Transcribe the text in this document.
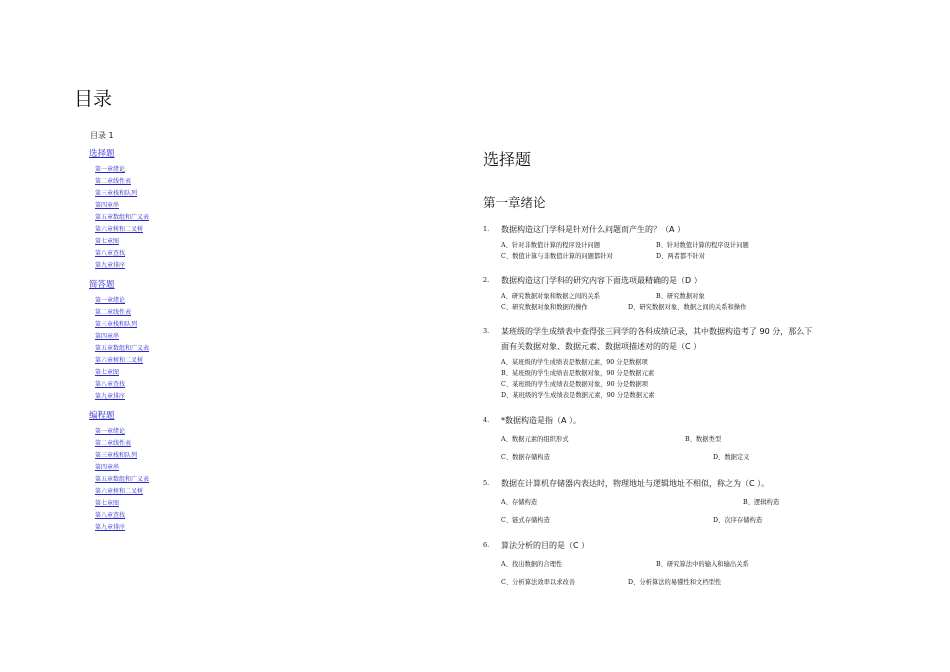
目录
目录 1
选择题
第一章绪论
第二章线性表
第三章栈和队列
第四章串
第五章数组和广义表
第六章树和二叉树
第七章图
第八章查找
第九章排序
简答题
第一章绪论
第二章线性表
第三章栈和队列
第四章串
第五章数组和广义表
第六章树和二叉树
第七章图
第八章查找
第九章排序
编程题
第一章绪论
第二章线性表
第三章栈和队列
第四章串
第五章数组和广义表
第六章树和二叉树
第七章图
第八章查找
第九章排序
选择题
第一章绪论
1. 数据构造这门学科是针对什么问题而产生的？（A ）
A、针对非数值计算的程序设计问题	B、针对数值计算的程序设计问题
C、数值计算与非数值计算的问题都针对	D、两者都不针对
2. 数据构造这门学科的研究内容下面选项最精确的是（D ）
A、研究数据对象和数据之间的关系	B、研究数据对象
C、研究数据对象和数据的操作	D、研究数据对象、数据之间的关系和操作
3. 某班级的学生成绩表中查得张三同学的各科成绩记录，其中数据构造考了 90 分，那么下
面有关数据对象、数据元素、数据项描述对的的是（C ）
A、某班级的学生成绩表是数据元素，90 分是数据项
B、某班级的学生成绩表是数据对象，90 分是数据元素
C、某班级的学生成绩表是数据对象，90 分是数据项
D、某班级的学生成绩表是数据元素，90 分是数据元素
4. *数据构造是指（A ）。
A、数据元素的组织形式	B、数据类型
C、数据存储构造	D、数据定义
5. 数据在计算机存储器内表达时，物理地址与逻辑地址不相似，称之为（C ）。
A、存储构造	B、逻辑构造
C、链式存储构造	D、次序存储构造
6. 算法分析的目的是（C ）
A、找出数据的合理性	B、研究算法中的输入和输出关系
C、分析算法效率以求改善	D、分析算法的易懂性和文档型性
